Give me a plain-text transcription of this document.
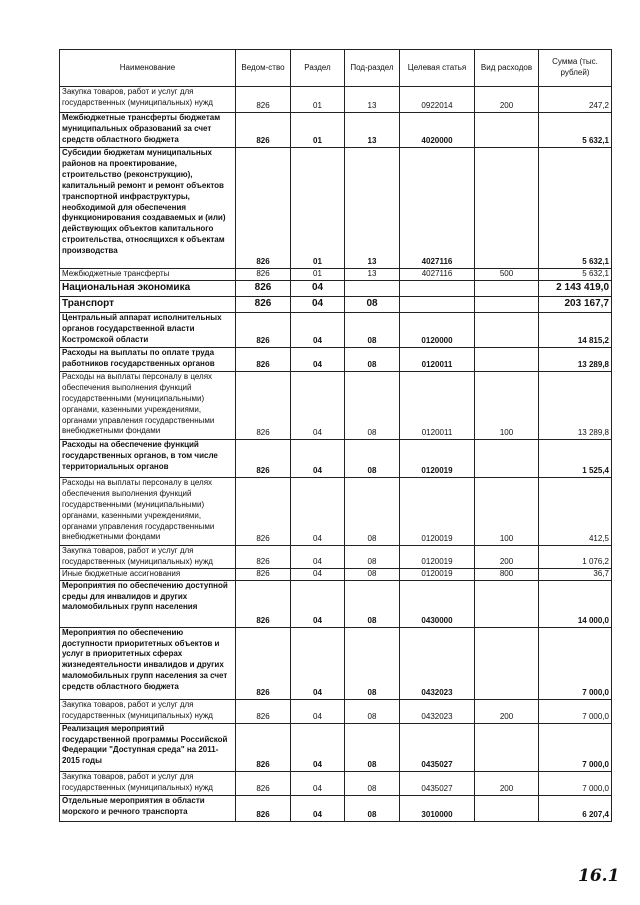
Наименование	Ведом-ство	Раздел	Под-раздел	Целевая статья	Вид расходов	Сумма (тыс. рублей)
Закупка товаров, работ и услуг для государственных (муниципальных) нужд	826	01	13	0922014	200	247,2
Межбюджетные трансферты бюджетам муниципальных образований за счет средств областного бюджета	826	01	13	4020000		5 632,1
Субсидии бюджетам муниципальных районов на проектирование, строительство (реконструкцию), капитальный ремонт и ремонт объектов транспортной инфраструктуры, необходимой для обеспечения функционирования создаваемых и (или) действующих объектов капитального строительства, относящихся к объектам производства	826	01	13	4027116		5 632,1
Межбюджетные трансферты	826	01	13	4027116	500	5 632,1
Национальная экономика	826	04				2 143 419,0
Транспорт	826	04	08			203 167,7
Центральный аппарат исполнительных органов государственной власти Костромской области	826	04	08	0120000		14 815,2
Расходы на выплаты по оплате труда работников государственных органов	826	04	08	0120011		13 289,8
Расходы на выплаты персоналу в целях обеспечения выполнения функций государственными (муниципальными) органами, казенными учреждениями, органами управления государственными внебюджетными фондами	826	04	08	0120011	100	13 289,8
Расходы на обеспечение функций государственных органов, в том числе территориальных органов	826	04	08	0120019		1 525,4
Расходы на выплаты персоналу в целях обеспечения выполнения функций государственными (муниципальными) органами, казенными учреждениями, органами управления государственными внебюджетными фондами	826	04	08	0120019	100	412,5
Закупка товаров, работ и услуг для государственных (муниципальных) нужд	826	04	08	0120019	200	1 076,2
Иные бюджетные ассигнования	826	04	08	0120019	800	36,7
Мероприятия по обеспечению доступной среды для инвалидов и других маломобильных групп населения	826	04	08	0430000		14 000,0
Мероприятия по обеспечению доступности приоритетных объектов и услуг в приоритетных сферах жизнедеятельности инвалидов и других маломобильных групп населения за счет средств областного бюджета	826	04	08	0432023		7 000,0
Закупка товаров, работ и услуг для государственных (муниципальных) нужд	826	04	08	0432023	200	7 000,0
Реализация мероприятий государственной программы Российской Федерации "Доступная среда" на 2011-2015 годы	826	04	08	0435027		7 000,0
Закупка товаров, работ и услуг для государственных (муниципальных) нужд	826	04	08	0435027	200	7 000,0
Отдельные мероприятия в области морского и речного транспорта	826	04	08	3010000		6 207,4
16.1
